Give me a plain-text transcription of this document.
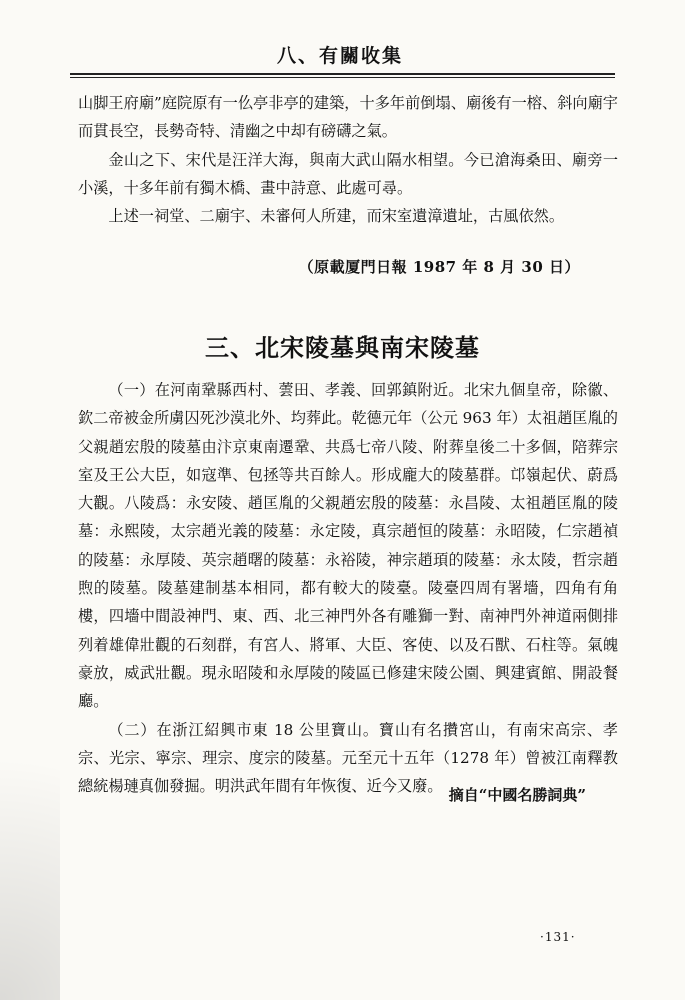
八、有關收集

山脚王府廟”庭院原有一仫亭非亭的建築，十多年前倒塌、廟後有一榕、斜向廟宇而貫長空，長勢奇特、清幽之中却有磅礴之氣。

金山之下、宋代是汪洋大海，與南大武山隔水相望。今已滄海桑田、廟旁一小溪，十多年前有獨木橋、畫中詩意、此處可尋。

上述一祠堂、二廟宇、未審何人所建，而宋室遺漳遺址，古風依然。

（原載厦門日報 1987 年 8 月 30 日）
三、北宋陵墓與南宋陵墓

（一）在河南鞏縣西村、蕓田、孝義、回郭鎮附近。北宋九個皇帝，除徽、欽二帝被金所虜囚死沙漠北外、均葬此。乾德元年（公元 963 年）太祖趙匡胤的父親趙宏殷的陵墓由汴京東南遷鞏、共爲七帝八陵、附葬皇後二十多個，陪葬宗室及王公大臣，如寇準、包拯等共百餘人。形成龐大的陵墓群。邙嶺起伏、蔚爲大觀。八陵爲：永安陵、趙匡胤的父親趙宏殷的陵墓：永昌陵、太祖趙匡胤的陵墓：永熙陵，太宗趙光義的陵墓：永定陵，真宗趙恒的陵墓：永昭陵，仁宗趙禎的陵墓：永厚陵、英宗趙曙的陵墓：永裕陵，神宗趙頊的陵墓：永太陵，哲宗趙煦的陵墓。陵墓建制基本相同，都有較大的陵臺。陵臺四周有署墻，四角有角樓，四墻中間設神門、東、西、北三神門外各有雕獅一對、南神門外神道兩側排列着雄偉壯觀的石刻群，有宮人、將軍、大臣、客使、以及石獸、石柱等。氣魄豪放，威武壯觀。現永昭陵和永厚陵的陵區已修建宋陵公園、興建賓館、開設餐廳。

（二）在浙江紹興市東 18 公里寶山。寶山有名攢宮山，有南宋高宗、孝宗、光宗、寧宗、理宗、度宗的陵墓。元至元十五年（1278 年）曾被江南釋教總統楊璉真伽發掘。明洪武年間有年恢復、近今又廢。 摘自“中國名勝詞典”
·131·
